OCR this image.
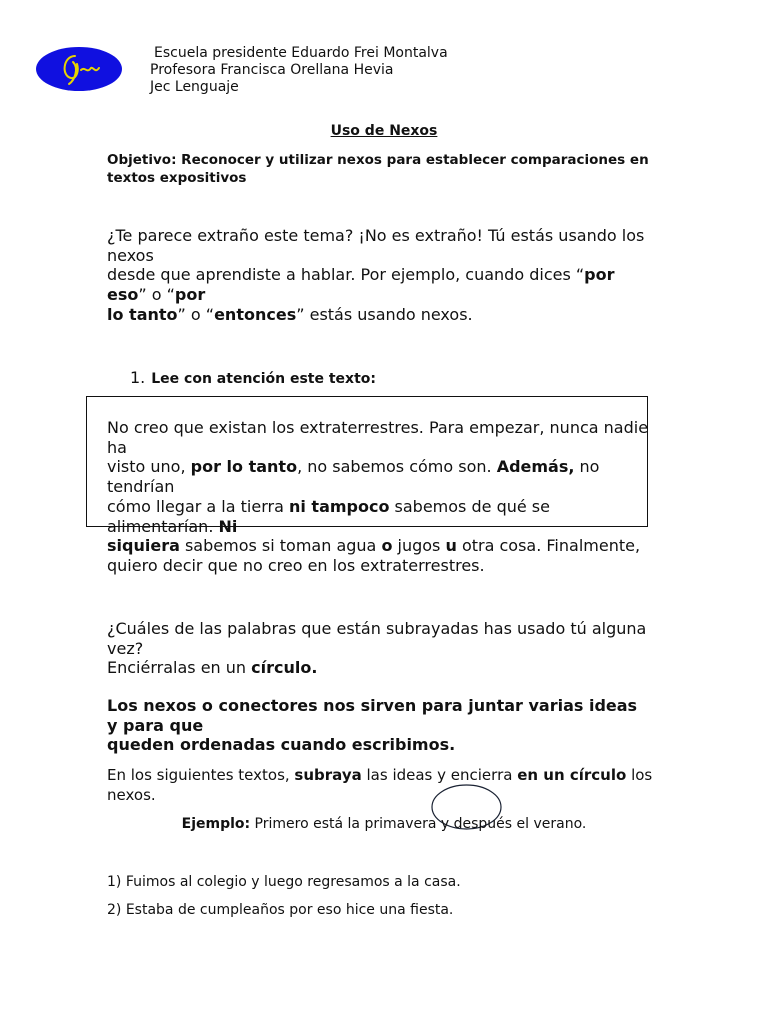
Escuela presidente Eduardo Frei Montalva
Profesora Francisca Orellana Hevia
Jec Lenguaje
Uso de Nexos
Objetivo: Reconocer y utilizar nexos para establecer comparaciones en
textos expositivos
¿Te parece extraño este tema? ¡No es extraño! Tú estás usando los
nexos
desde que aprendiste a hablar. Por ejemplo, cuando dices “por
eso” o “por
lo tanto” o “entonces” estás usando nexos.
1. Lee con atención este texto:
No creo que existan los extraterrestres. Para empezar, nunca nadie
ha
visto uno, por lo tanto, no sabemos cómo son. Además, no
tendrían
cómo llegar a la tierra ni tampoco sabemos de qué se
alimentarían. Ni
siquiera sabemos si toman agua o jugos u otra cosa. Finalmente,
quiero decir que no creo en los extraterrestres.
¿Cuáles de las palabras que están subrayadas has usado tú alguna
vez?
Enciérralas en un círculo.
Los nexos o conectores nos sirven para juntar varias ideas
y para que
queden ordenadas cuando escribimos.
En los siguientes textos, subraya las ideas y encierra en un círculo los
nexos.
Ejemplo: Primero está la primavera y después el verano.
1) Fuimos al colegio y luego regresamos a la casa.
2) Estaba de cumpleaños por eso hice una fiesta.
